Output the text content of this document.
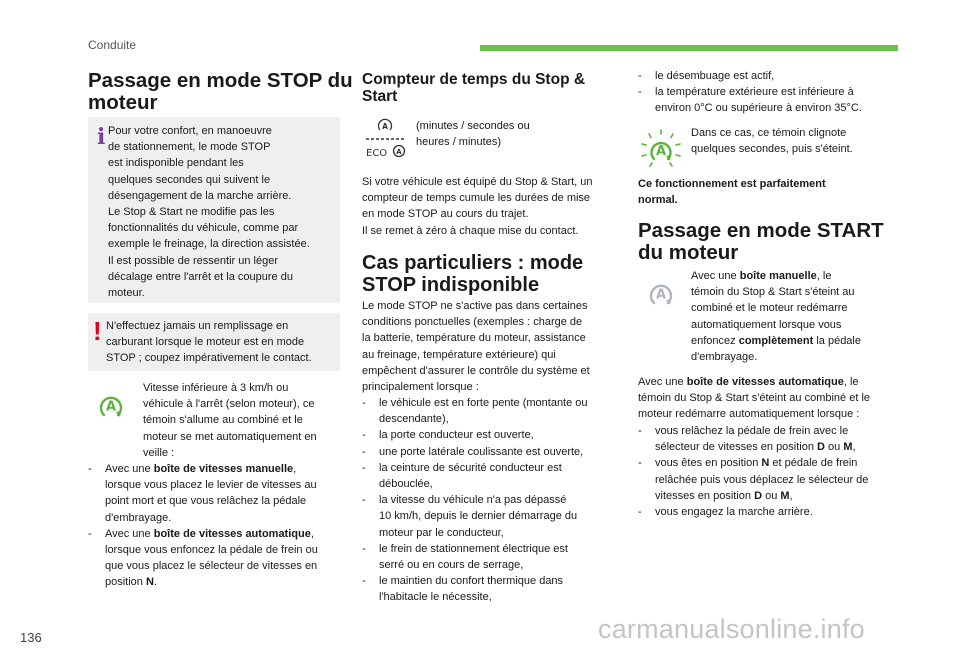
Conduite
Passage en mode STOP du
moteur
i Pour votre confort, en manoeuvre
de stationnement, le mode STOP
est indisponible pendant les
quelques secondes qui suivent le
désengagement de la marche arrière.
Le Stop & Start ne modifie pas les
fonctionnalités du véhicule, comme par
exemple le freinage, la direction assistée.
Il est possible de ressentir un léger
décalage entre l'arrêt et la coupure du
moteur.
! N'effectuez jamais un remplissage en
carburant lorsque le moteur est en mode
STOP ; coupez impérativement le contact.
A
Vitesse inférieure à 3 km/h ou
véhicule à l'arrêt (selon moteur), ce
témoin s'allume au combiné et le
moteur se met automatiquement en
veille :
- Avec une boîte de vitesses manuelle,
lorsque vous placez le levier de vitesses au
point mort et que vous relâchez la pédale
d'embrayage.
- Avec une boîte de vitesses automatique,
lorsque vous enfoncez la pédale de frein ou
que vous placez le sélecteur de vitesses en
position N.
Compteur de temps du Stop &
Start
A
ECO A
(minutes / secondes ou
heures / minutes)
Si votre véhicule est équipé du Stop & Start, un
compteur de temps cumule les durées de mise
en mode STOP au cours du trajet.
Il se remet à zéro à chaque mise du contact.
Cas particuliers : mode
STOP indisponible
Le mode STOP ne s'active pas dans certaines
conditions ponctuelles (exemples : charge de
la batterie, température du moteur, assistance
au freinage, température extérieure) qui
empêchent d'assurer le contrôle du système et
principalement lorsque :
- le véhicule est en forte pente (montante ou
descendante),
- la porte conducteur est ouverte,
- une porte latérale coulissante est ouverte,
- la ceinture de sécurité conducteur est
débouclée,
- la vitesse du véhicule n'a pas dépassé
10 km/h, depuis le dernier démarrage du
moteur par le conducteur,
- le frein de stationnement électrique est
serré ou en cours de serrage,
- le maintien du confort thermique dans
l'habitacle le nécessite,
- le désembuage est actif,
- la température extérieure est inférieure à
environ 0°C ou supérieure à environ 35°C.
A
Dans ce cas, ce témoin clignote
quelques secondes, puis s'éteint.
Ce fonctionnement est parfaitement
normal.
Passage en mode START
du moteur
A
Avec une boîte manuelle, le
témoin du Stop & Start s'éteint au
combiné et le moteur redémarre
automatiquement lorsque vous
enfoncez complètement la pédale
d'embrayage.
Avec une boîte de vitesses automatique, le
témoin du Stop & Start s'éteint au combiné et le
moteur redémarre automatiquement lorsque :
- vous relâchez la pédale de frein avec le
sélecteur de vitesses en position D ou M,
- vous êtes en position N et pédale de frein
relâchée puis vous déplacez le sélecteur de
vitesses en position D ou M,
- vous engagez la marche arrière.
136	carmanualsonline.info
